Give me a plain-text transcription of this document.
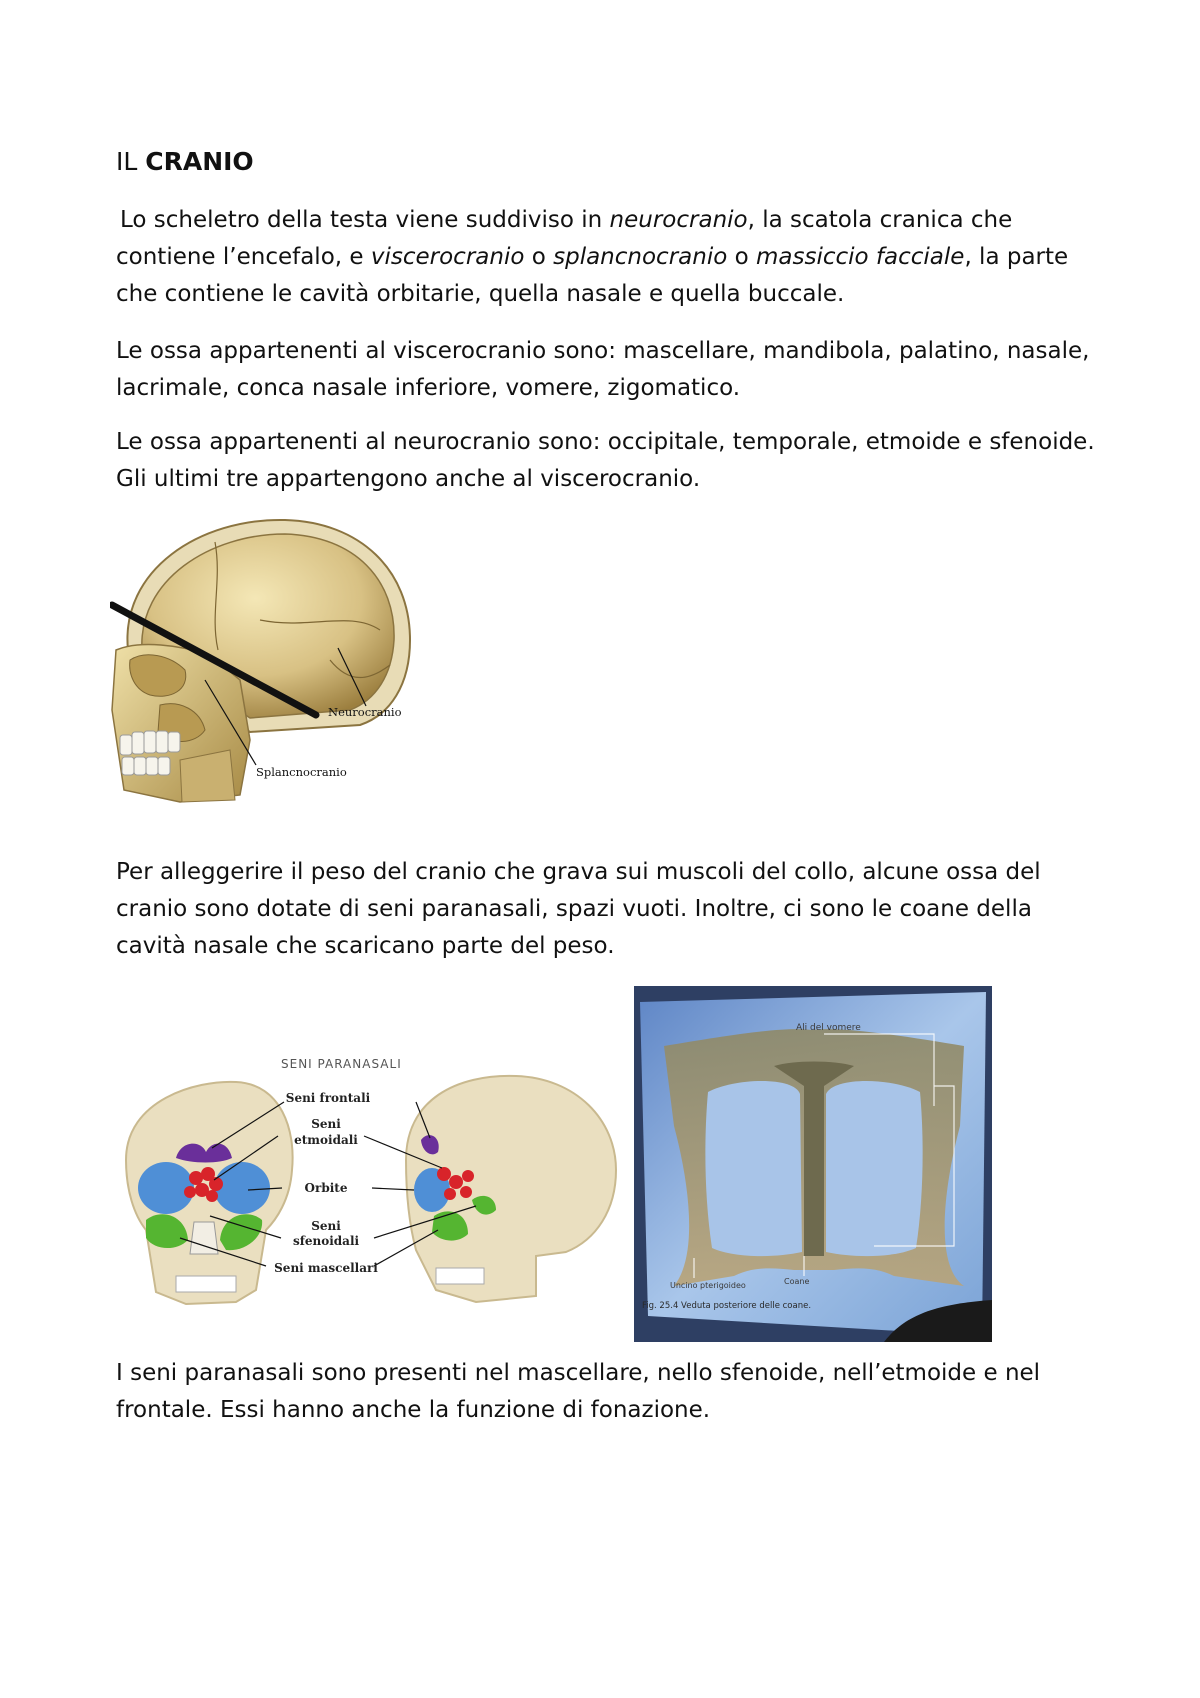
IL CRANIO
Lo scheletro della testa viene suddiviso in neurocranio, la scatola cranica che contiene l’encefalo, e viscerocranio o splancnocranio o massiccio facciale, la parte che contiene le cavità orbitarie, quella nasale e quella buccale.
Le ossa appartenenti al viscerocranio sono: mascellare, mandibola, palatino, nasale, lacrimale, conca nasale inferiore, vomere, zigomatico.
Le ossa appartenenti al neurocranio sono: occipitale, temporale, etmoide e sfenoide. Gli ultimi tre appartengono anche al viscerocranio.
Neurocranio
Splancnocranio
Per alleggerire il peso del cranio che grava sui muscoli del collo, alcune ossa del cranio sono dotate di seni paranasali, spazi vuoti. Inoltre, ci sono le coane della cavità nasale che scaricano parte del peso.
SENI PARANASALI
Seni frontali
Seni
etmoidali
Orbite
Seni
sfenoidali
Seni mascellari
Ali del vomere
Uncino pterigoideo	Coane
Fig. 25.4 Veduta posteriore delle coane.
I seni paranasali sono presenti nel mascellare, nello sfenoide, nell’etmoide e nel frontale. Essi hanno anche la funzione di fonazione.
